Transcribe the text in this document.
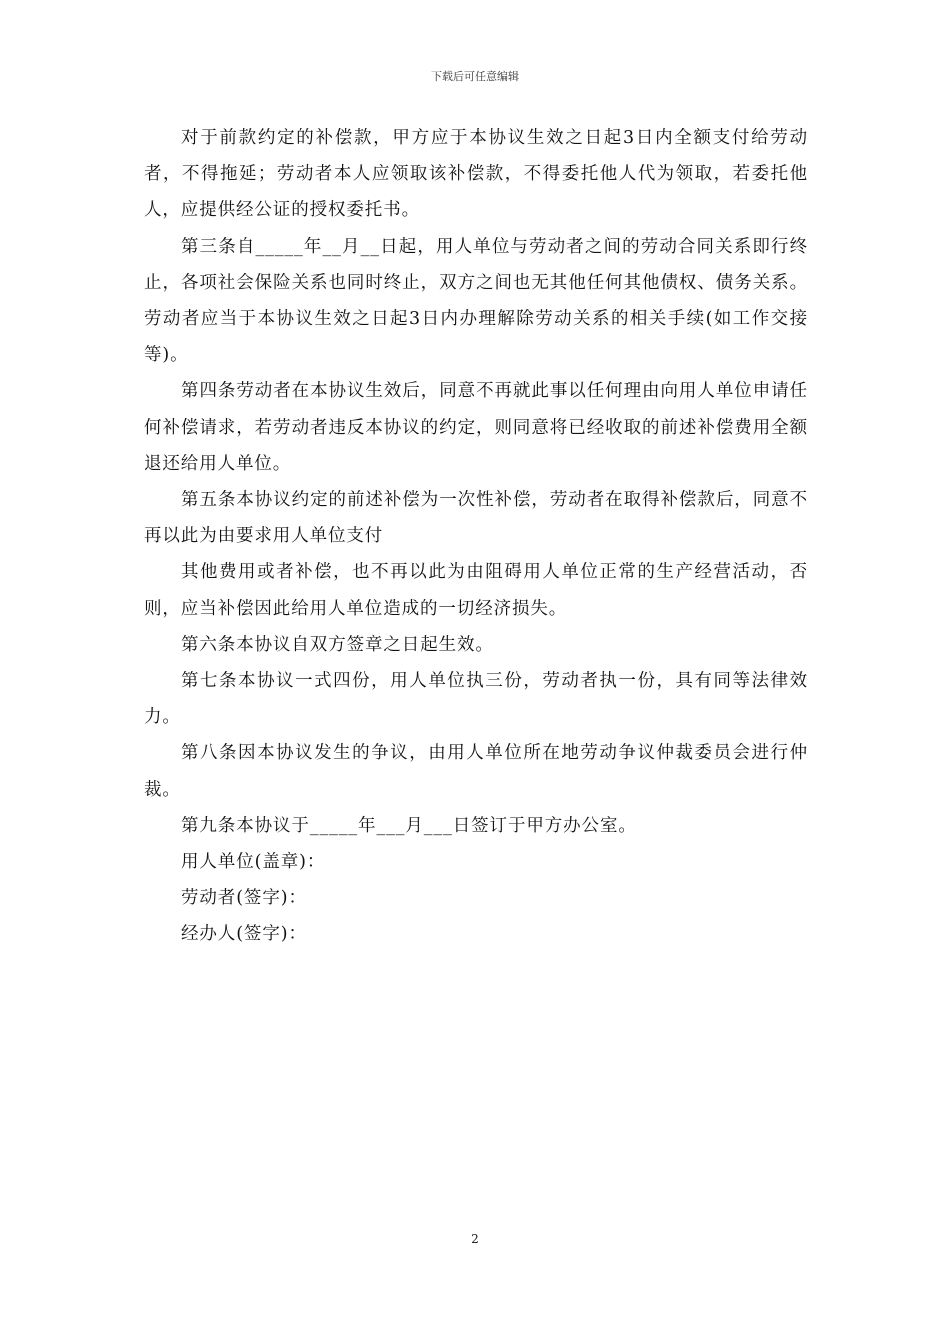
下载后可任意编辑

对于前款约定的补偿款，甲方应于本协议生效之日起3日内全额支付给劳动者，不得拖延；劳动者本人应领取该补偿款，不得委托他人代为领取，若委托他人，应提供经公证的授权委托书。

第三条自_____年__月__日起，用人单位与劳动者之间的劳动合同关系即行终止，各项社会保险关系也同时终止，双方之间也无其他任何其他债权、债务关系。劳动者应当于本协议生效之日起3日内办理解除劳动关系的相关手续(如工作交接等)。

第四条劳动者在本协议生效后，同意不再就此事以任何理由向用人单位申请任何补偿请求，若劳动者违反本协议的约定，则同意将已经收取的前述补偿费用全额退还给用人单位。

第五条本协议约定的前述补偿为一次性补偿，劳动者在取得补偿款后，同意不再以此为由要求用人单位支付

其他费用或者补偿，也不再以此为由阻碍用人单位正常的生产经营活动，否则，应当补偿因此给用人单位造成的一切经济损失。

第六条本协议自双方签章之日起生效。

第七条本协议一式四份，用人单位执三份，劳动者执一份，具有同等法律效力。

第八条因本协议发生的争议，由用人单位所在地劳动争议仲裁委员会进行仲裁。

第九条本协议于_____年___月___日签订于甲方办公室。

用人单位(盖章)：

劳动者(签字)：

经办人(签字)：

2
